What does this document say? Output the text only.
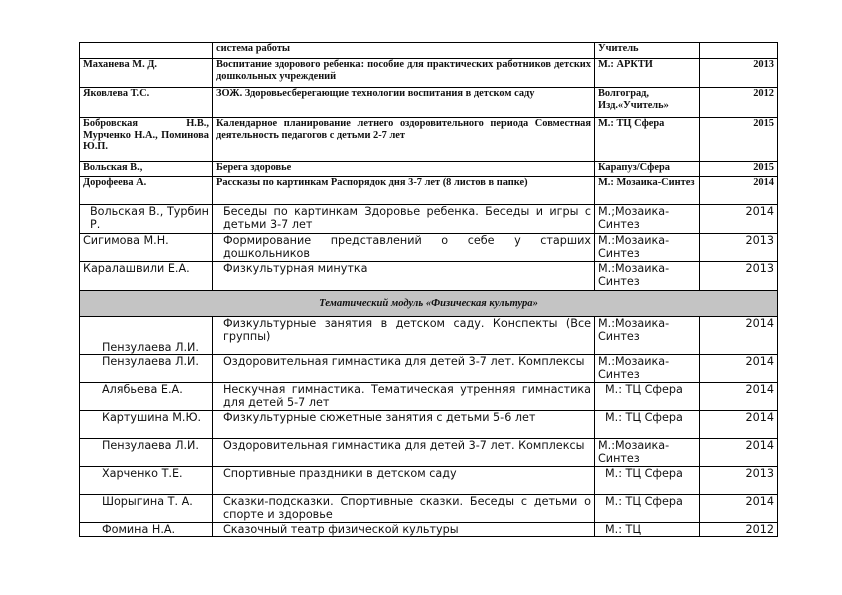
	система работы	Учитель	
Маханева М. Д.	Воспитание здорового ребенка: пособие для практических работников детских дошкольных учреждений	М.: АРКТИ	2013
Яковлева Т.С.	ЗОЖ. Здоровьесберегающие технологии воспитания в детском саду	Волгоград, Изд.«Учитель»	2012
Бобровская Н.В., Мурченко Н.А., Поминова Ю.П.	Календарное планирование летнего оздоровительного периода Совместная деятельность педагогов с детьми 2-7 лет	М.: ТЦ Сфера	2015
Вольская В.,	Берега здоровье	Карапуз/Сфера	2015
Дорофеева А.	Рассказы по картинкам Распорядок дня 3-7 лет (8 листов в папке)	М.: Мозаика-Синтез	2014
Вольская В., Турбин Р.	Беседы по картинкам Здоровье ребенка. Беседы и игры с детьми 3-7 лет	М.;Мозаика-Синтез	2014
Сигимова М.Н.	Формирование представлений о себе у старших дошкольников	М.:Мозаика-Синтез	2013
Каралашвили Е.А.	Физкультурная минутка	М.:Мозаика-Синтез	2013
Тематический модуль «Физическая культура»			
Пензулаева Л.И.	Физкультурные занятия в детском саду. Конспекты (Все группы)	М.:Мозаика-Синтез	2014
Пензулаева Л.И.	Оздоровительная гимнастика для детей 3-7 лет. Комплексы	М.:Мозаика-Синтез	2014
Алябьева Е.А.	Нескучная гимнастика. Тематическая утренняя гимнастика для детей 5-7 лет	М.: ТЦ Сфера	2014
Картушина М.Ю.	Физкультурные сюжетные занятия с детьми 5-6 лет	М.: ТЦ Сфера	2014
Пензулаева Л.И.	Оздоровительная гимнастика для детей 3-7 лет. Комплексы	М.:Мозаика-Синтез	2014
Харченко Т.Е.	Спортивные праздники в детском саду	М.: ТЦ Сфера	2013
Шорыгина Т. А.	Сказки-подсказки. Спортивные сказки. Беседы с детьми о спорте и здоровье	М.: ТЦ Сфера	2014
Фомина Н.А.	Сказочный театр физической культуры	М.: ТЦ	2012
